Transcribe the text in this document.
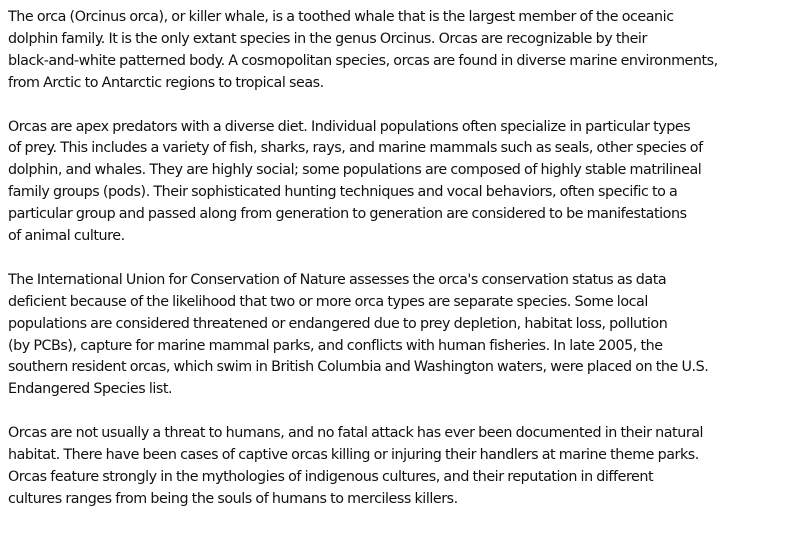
The orca (Orcinus orca), or killer whale, is a toothed whale that is the largest member of the oceanic
dolphin family. It is the only extant species in the genus Orcinus. Orcas are recognizable by their
black-and-white patterned body. A cosmopolitan species, orcas are found in diverse marine environments,
from Arctic to Antarctic regions to tropical seas.

Orcas are apex predators with a diverse diet. Individual populations often specialize in particular types
of prey. This includes a variety of fish, sharks, rays, and marine mammals such as seals, other species of
dolphin, and whales. They are highly social; some populations are composed of highly stable matrilineal
family groups (pods). Their sophisticated hunting techniques and vocal behaviors, often specific to a
particular group and passed along from generation to generation are considered to be manifestations
of animal culture.

The International Union for Conservation of Nature assesses the orca's conservation status as data
deficient because of the likelihood that two or more orca types are separate species. Some local
populations are considered threatened or endangered due to prey depletion, habitat loss, pollution
(by PCBs), capture for marine mammal parks, and conflicts with human fisheries. In late 2005, the
southern resident orcas, which swim in British Columbia and Washington waters, were placed on the U.S.
Endangered Species list.

Orcas are not usually a threat to humans, and no fatal attack has ever been documented in their natural
habitat. There have been cases of captive orcas killing or injuring their handlers at marine theme parks.
Orcas feature strongly in the mythologies of indigenous cultures, and their reputation in different
cultures ranges from being the souls of humans to merciless killers.
